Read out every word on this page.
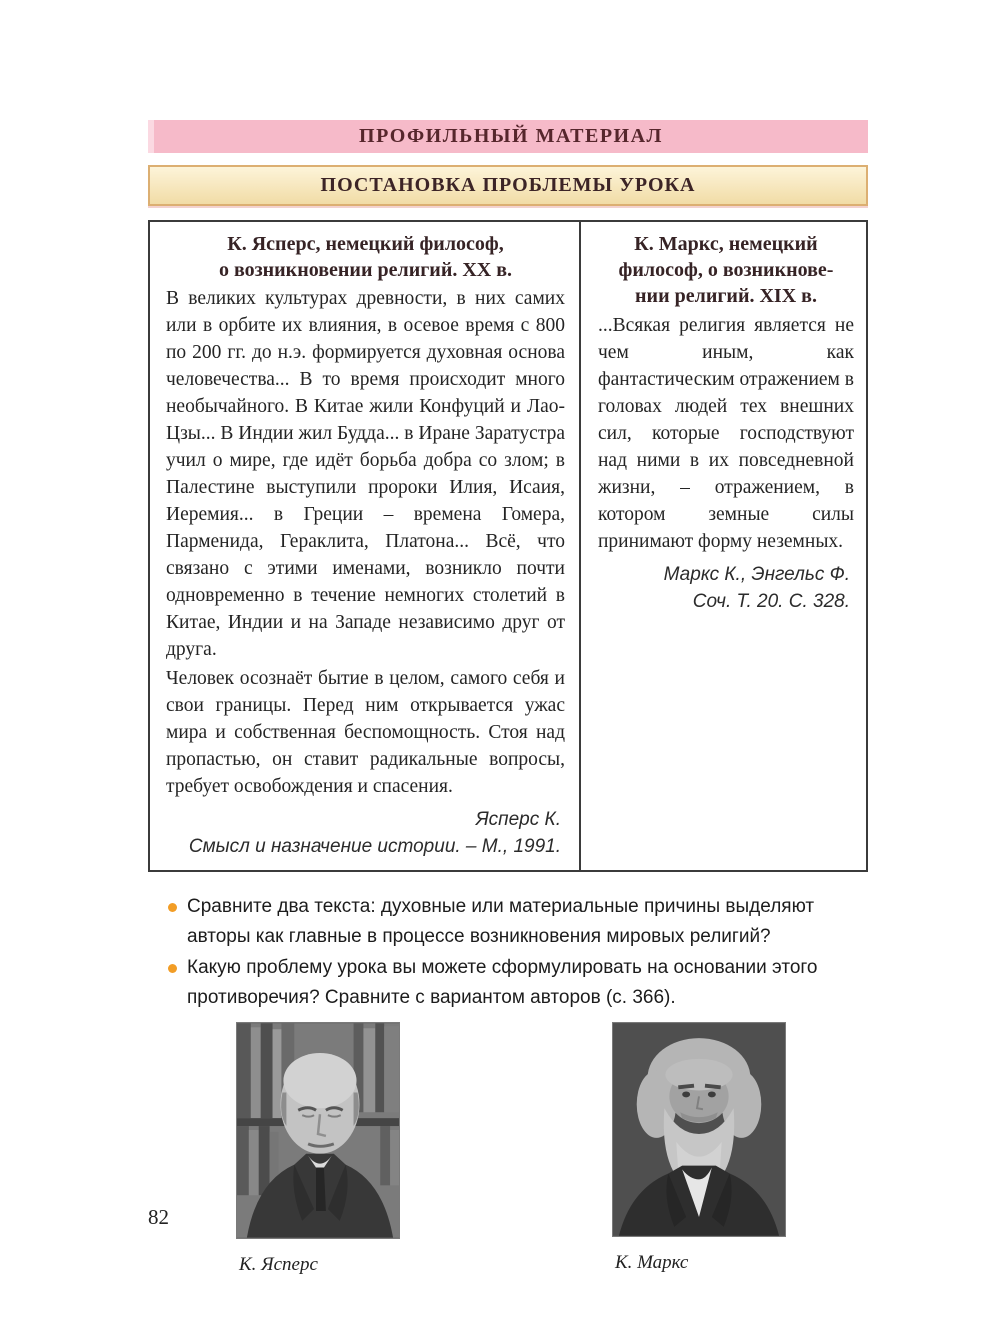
ПРОФИЛЬНЫЙ МАТЕРИАЛ
ПОСТАНОВКА ПРОБЛЕМЫ УРОКА
К. Ясперс, немецкий философ,
о возникновении религий. XX в.

В великих культурах древности, в них самих или в орбите их влияния, в осевое время с 800 по 200 гг. до н.э. формируется духовная основа человечества... В то время происходит много необычайного. В Китае жили Конфуций и Лао-Цзы... В Индии жил Будда... в Иране Заратустра учил о мире, где идёт борьба добра со злом; в Палестине выступили пророки Илия, Исаия, Иеремия... в Греции – времена Гомера, Парменида, Гераклита, Платона... Всё, что связано с этими именами, возникло почти одновременно в течение немногих столетий в Китае, Индии и на Западе независимо друг от друга.

Человек осознаёт бытие в целом, самого себя и свои границы. Перед ним открывается ужас мира и собственная беспомощность. Стоя над пропастью, он ставит радикальные вопросы, требует освобождения и спасения.

Ясперс К.
Смысл и назначение истории. – М., 1991.
К. Маркс, немецкий
философ, о возникнове-
нии религий. XIX в.

...Всякая религия является не чем иным, как фантастическим отражением в головах людей тех внешних сил, которые господствуют над ними в их повседневной жизни, – отражением, в котором земные силы принимают форму неземных.

Маркс К., Энгельс Ф.
Соч. Т. 20. С. 328.

Сравните два текста: духовные или материальные причины выделяют авторы как главные в процессе возникновения мировых религий?

Какую проблему урока вы можете сформулировать на основании этого противоречия? Сравните с вариантом авторов (с. 366).

К. Ясперс	К. Маркс
82
